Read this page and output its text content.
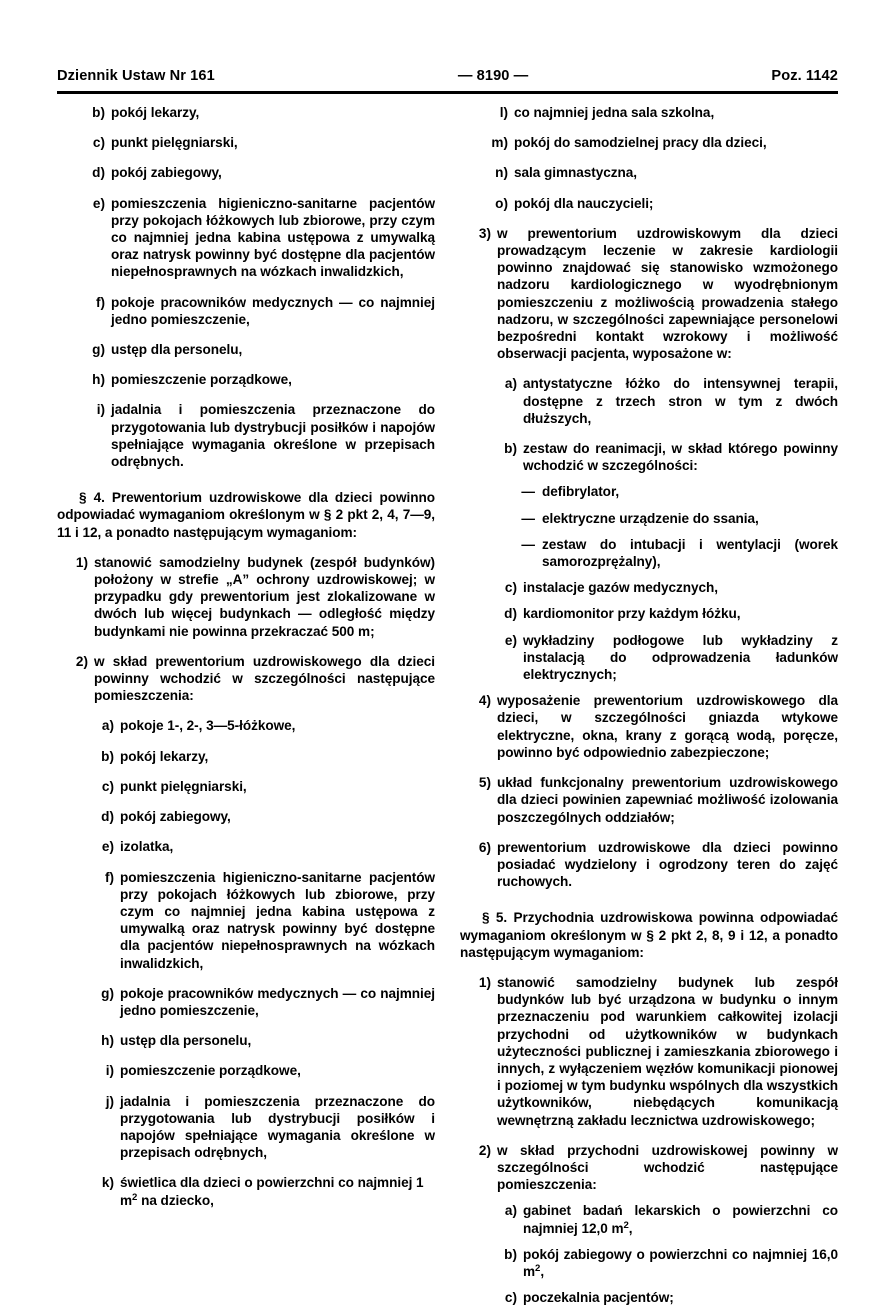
Dziennik Ustaw Nr 161	— 8190 —	Poz. 1142
b) pokój lekarzy,
c) punkt pielęgniarski,
d) pokój zabiegowy,
e) pomieszczenia higieniczno-sanitarne pacjentów przy pokojach łóżkowych lub zbiorowe, przy czym co najmniej jedna kabina ustępowa z umywalką oraz natrysk powinny być dostępne dla pacjentów niepełnosprawnych na wózkach inwalidzkich,
f) pokoje pracowników medycznych — co najmniej jedno pomieszczenie,
g) ustęp dla personelu,
h) pomieszczenie porządkowe,
i) jadalnia i pomieszczenia przeznaczone do przygotowania lub dystrybucji posiłków i napojów spełniające wymagania określone w przepisach odrębnych.

§ 4. Prewentorium uzdrowiskowe dla dzieci powinno odpowiadać wymaganiom określonym w § 2 pkt 2, 4, 7—9, 11 i 12, a ponadto następującym wymaganiom:

1) stanowić samodzielny budynek (zespół budynków) położony w strefie „A” ochrony uzdrowiskowej; w przypadku gdy prewentorium jest zlokalizowane w dwóch lub więcej budynkach — odległość między budynkami nie powinna przekraczać 500 m;
2) w skład prewentorium uzdrowiskowego dla dzieci powinny wchodzić w szczególności następujące pomieszczenia:
a) pokoje 1-, 2-, 3—5-łóżkowe,
b) pokój lekarzy,
c) punkt pielęgniarski,
d) pokój zabiegowy,
e) izolatka,
f) pomieszczenia higieniczno-sanitarne pacjentów przy pokojach łóżkowych lub zbiorowe, przy czym co najmniej jedna kabina ustępowa z umywalką oraz natrysk powinny być dostępne dla pacjentów niepełnosprawnych na wózkach inwalidzkich,
g) pokoje pracowników medycznych — co najmniej jedno pomieszczenie,
h) ustęp dla personelu,
i) pomieszczenie porządkowe,
j) jadalnia i pomieszczenia przeznaczone do przygotowania lub dystrybucji posiłków i napojów spełniające wymagania określone w przepisach odrębnych,
k) świetlica dla dzieci o powierzchni co najmniej 1 $m^2$ na dziecko,
l) co najmniej jedna sala szkolna,
m) pokój do samodzielnej pracy dla dzieci,
n) sala gimnastyczna,
o) pokój dla nauczycieli;
3) w prewentorium uzdrowiskowym dla dzieci prowadzącym leczenie w zakresie kardiologii powinno znajdować się stanowisko wzmożonego nadzoru kardiologicznego w wyodrębnionym pomieszczeniu z możliwością prowadzenia stałego nadzoru, w szczególności zapewniające personelowi bezpośredni kontakt wzrokowy i możliwość obserwacji pacjenta, wyposażone w:
a) antystatyczne łóżko do intensywnej terapii, dostępne z trzech stron w tym z dwóch dłuższych,
b) zestaw do reanimacji, w skład którego powinny wchodzić w szczególności:
— defibrylator,
— elektryczne urządzenie do ssania,
— zestaw do intubacji i wentylacji (worek samorozprężalny),
c) instalacje gazów medycznych,
d) kardiomonitor przy każdym łóżku,
e) wykładziny podłogowe lub wykładziny z instalacją do odprowadzenia ładunków elektrycznych;
4) wyposażenie prewentorium uzdrowiskowego dla dzieci, w szczególności gniazda wtykowe elektryczne, okna, krany z gorącą wodą, poręcze, powinno być odpowiednio zabezpieczone;
5) układ funkcjonalny prewentorium uzdrowiskowego dla dzieci powinien zapewniać możliwość izolowania poszczególnych oddziałów;
6) prewentorium uzdrowiskowe dla dzieci powinno posiadać wydzielony i ogrodzony teren do zajęć ruchowych.

§ 5. Przychodnia uzdrowiskowa powinna odpowiadać wymaganiom określonym w § 2 pkt 2, 8, 9 i 12, a ponadto następującym wymaganiom:

1) stanowić samodzielny budynek lub zespół budynków lub być urządzona w budynku o innym przeznaczeniu pod warunkiem całkowitej izolacji przychodni od użytkowników w budynkach użyteczności publicznej i zamieszkania zbiorowego i innych, z wyłączeniem węzłów komunikacji pionowej i poziomej w tym budynku wspólnych dla wszystkich użytkowników, niebędących komunikacją wewnętrzną zakładu lecznictwa uzdrowiskowego;
2) w skład przychodni uzdrowiskowej powinny w szczególności wchodzić następujące pomieszczenia:
a) gabinet badań lekarskich o powierzchni co najmniej 12,0 $m^2$,
b) pokój zabiegowy o powierzchni co najmniej 16,0 $m^2$,
c) poczekalnia pacjentów;
